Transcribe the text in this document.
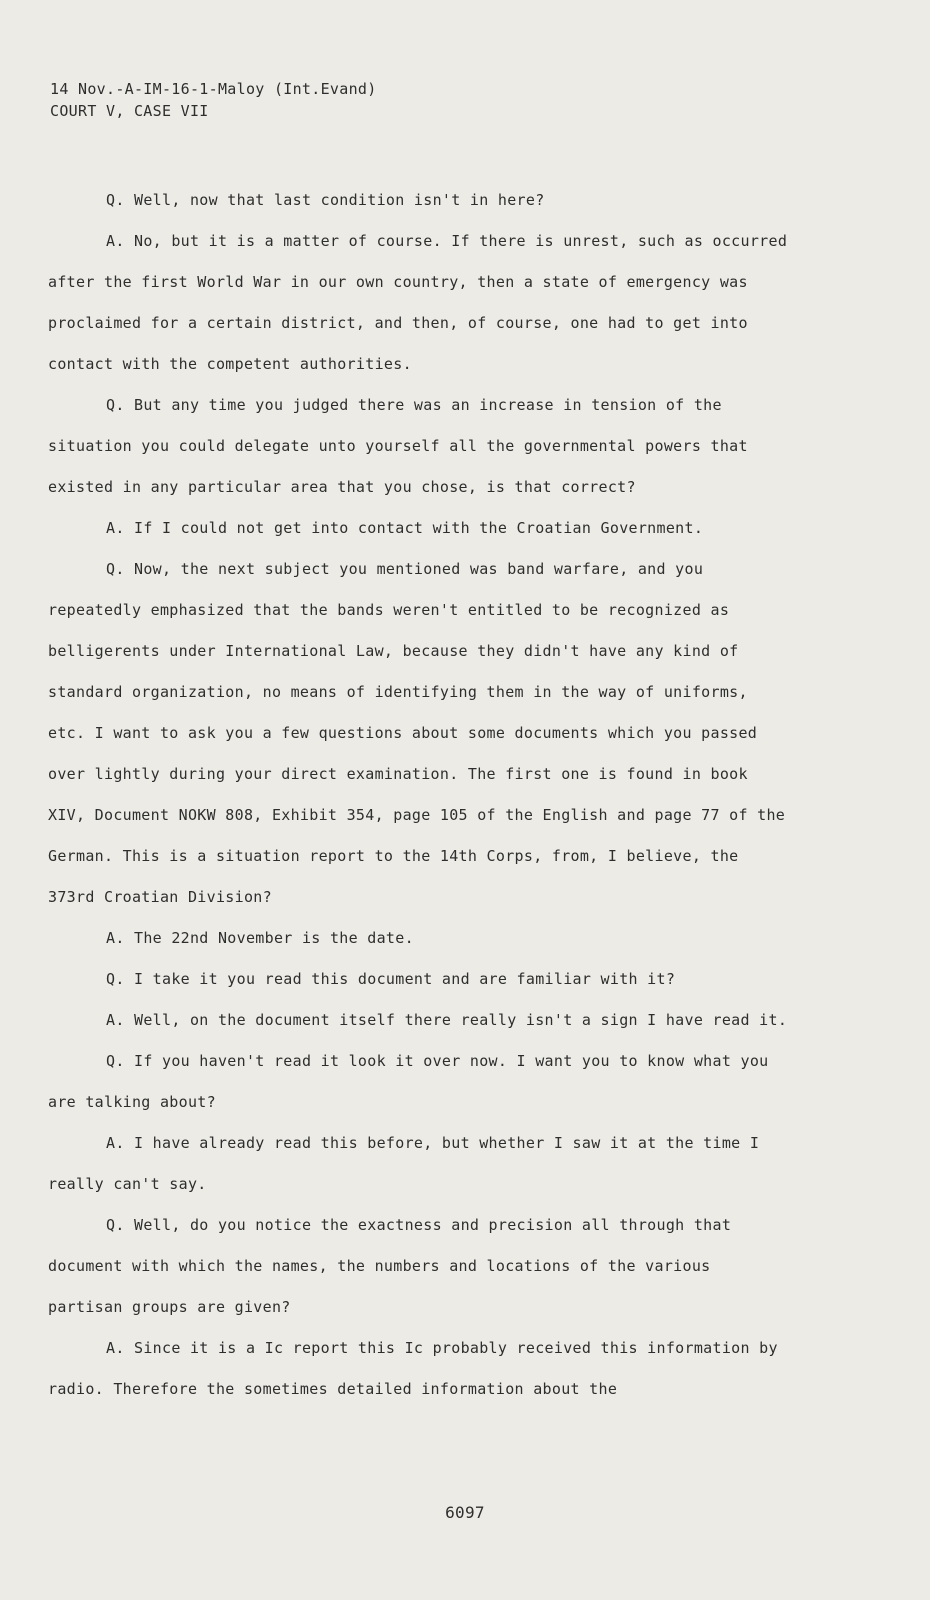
14 Nov.-A-IM-16-1-Maloy (Int.Evand)
COURT V, CASE VII

Q. Well, now that last condition isn't in here?

A. No, but it is a matter of course. If there is unrest, such as occurred after the first World War in our own country, then a state of emergency was proclaimed for a certain district, and then, of course, one had to get into contact with the competent authorities.

Q. But any time you judged there was an increase in tension of the situation you could delegate unto yourself all the governmental powers that existed in any particular area that you chose, is that correct?

A. If I could not get into contact with the Croatian Government.

Q. Now, the next subject you mentioned was band warfare, and you repeatedly emphasized that the bands weren't entitled to be recognized as belligerents under International Law, because they didn't have any kind of standard organization, no means of identifying them in the way of uniforms, etc. I want to ask you a few questions about some documents which you passed over lightly during your direct examination. The first one is found in book XIV, Document NOKW 808, Exhibit 354, page 105 of the English and page 77 of the German. This is a situation report to the 14th Corps, from, I believe, the 373rd Croatian Division?

A. The 22nd November is the date.

Q. I take it you read this document and are familiar with it?

A. Well, on the document itself there really isn't a sign I have read it.

Q. If you haven't read it look it over now. I want you to know what you are talking about?

A. I have already read this before, but whether I saw it at the time I really can't say.

Q. Well, do you notice the exactness and precision all through that document with which the names, the numbers and locations of the various partisan groups are given?

A. Since it is a Ic report this Ic probably received this information by radio. Therefore the sometimes detailed information about the

6097
